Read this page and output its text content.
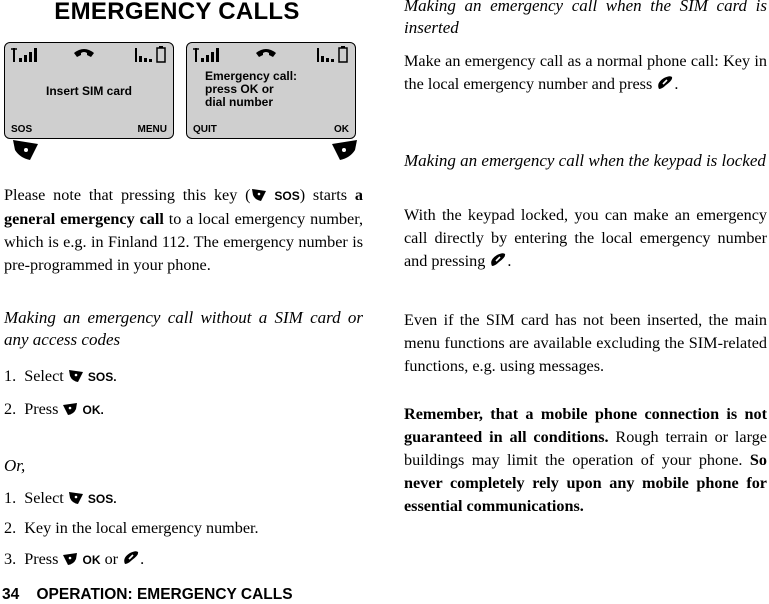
EMERGENCY CALLS
Insert SIM card
SOS	MENU
Emergency call:
press OK or
dial number
QUIT	OK
Please note that pressing this key ( SOS) starts a general emergency call to a local emergency number, which is e.g. in Finland 112. The emergency number is pre-programmed in your phone.
Making an emergency call without a SIM card or any access codes
1. Select SOS.
2. Press OK.
Or,
1. Select SOS.
2. Key in the local emergency number.
3. Press OK or .
34 OPERATION: EMERGENCY CALLS
Making an emergency call when the SIM card is inserted
Make an emergency call as a normal phone call: Key in the local emergency number and press .
Making an emergency call when the keypad is locked
With the keypad locked, you can make an emergency call directly by entering the local emergency number and pressing .
Even if the SIM card has not been inserted, the main menu functions are available excluding the SIM-related functions, e.g. using messages.
Remember, that a mobile phone connection is not guaranteed in all conditions. Rough terrain or large buildings may limit the operation of your phone. So never completely rely upon any mobile phone for essential communications.
